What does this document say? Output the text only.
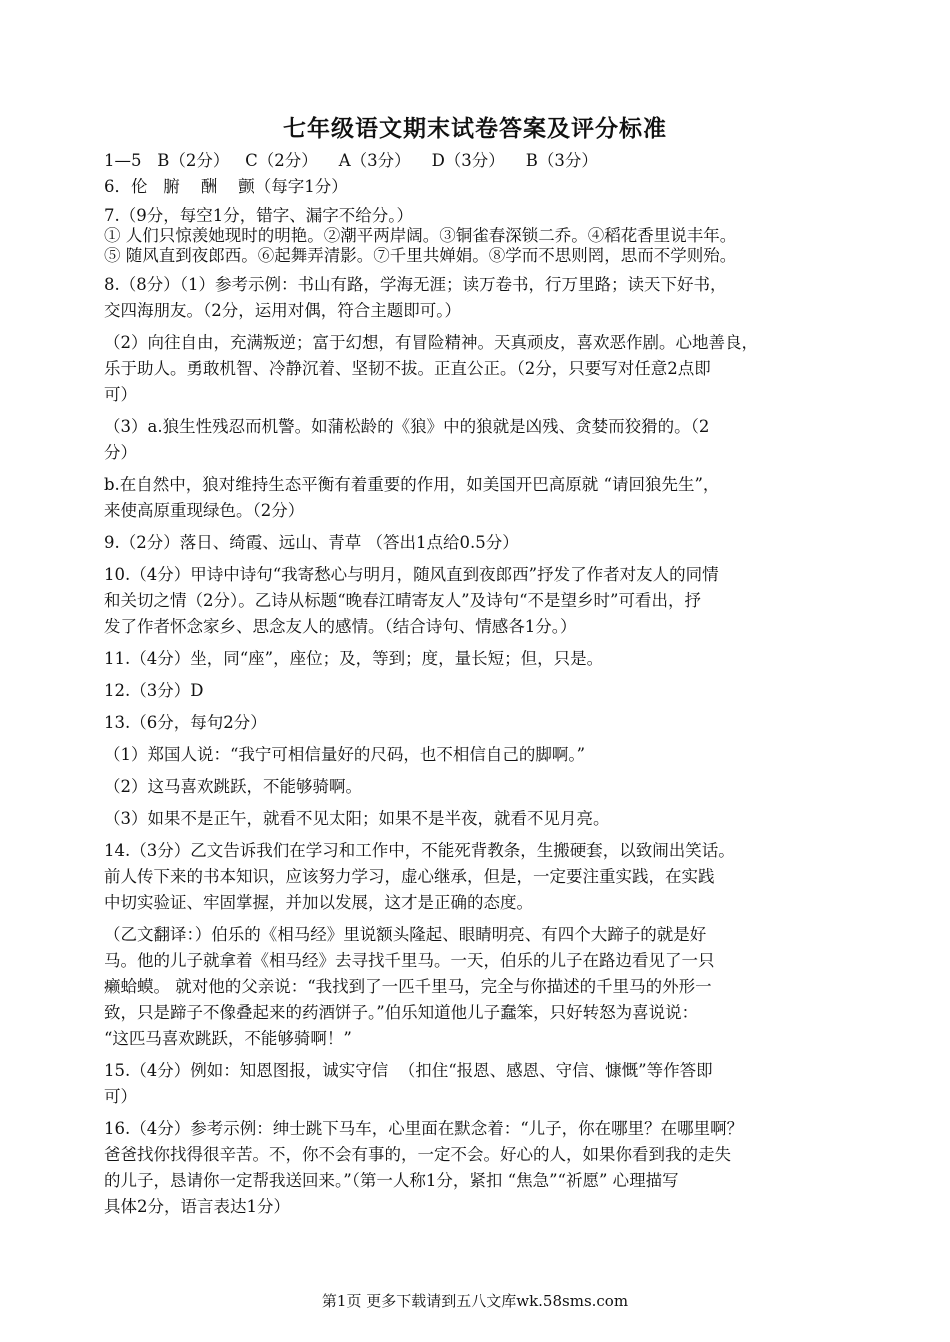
七年级语文期末试卷答案及评分标准
1—5   B（2分）   C（2分）    A（3分）    D（3分）    B（3分）
6．伦   腑    酬    颤（每字1分）
7.（9分，每空1分，错字、漏字不给分。）
① 人们只惊羡她现时的明艳。②潮平两岸阔。③铜雀春深锁二乔。④稻花香里说丰年。
⑤ 随风直到夜郎西。⑥起舞弄清影。⑦千里共婵娟。⑧学而不思则罔，思而不学则殆。
8.（8分）（1）参考示例：书山有路，学海无涯；读万卷书，行万里路；读天下好书，
交四海朋友。（2分，运用对偶，符合主题即可。）
（2）向往自由，充满叛逆；富于幻想，有冒险精神。天真顽皮，喜欢恶作剧。心地善良，
乐于助人。勇敢机智、冷静沉着、坚韧不拔。正直公正。（2分，只要写对任意2点即
可）
（3）a.狼生性残忍而机警。如蒲松龄的《狼》中的狼就是凶残、贪婪而狡猾的。（2
分）
b.在自然中，狼对维持生态平衡有着重要的作用，如美国开巴高原就 “请回狼先生”，
来使高原重现绿色。（2分）
9.（2分）落日、绮霞、远山、青草 （答出1点给0.5分）
10.（4分）甲诗中诗句“我寄愁心与明月，随风直到夜郎西”抒发了作者对友人的同情
和关切之情（2分）。乙诗从标题“晚春江晴寄友人”及诗句“不是望乡时”可看出，抒
发了作者怀念家乡、思念友人的感情。（结合诗句、情感各1分。）
11.（4分）坐，同“座”，座位；及，等到；度，量长短；但，只是。
12.（3分）D
13.（6分，每句2分）
（1）郑国人说：“我宁可相信量好的尺码，也不相信自己的脚啊。”
（2）这马喜欢跳跃，不能够骑啊。
（3）如果不是正午，就看不见太阳；如果不是半夜，就看不见月亮。
14.（3分）乙文告诉我们在学习和工作中，不能死背教条，生搬硬套，以致闹出笑话。
前人传下来的书本知识，应该努力学习，虚心继承，但是，一定要注重实践，在实践
中切实验证、牢固掌握，并加以发展，这才是正确的态度。
（乙文翻译：）伯乐的《相马经》里说额头隆起、眼睛明亮、有四个大蹄子的就是好
马。他的儿子就拿着《相马经》去寻找千里马。一天，伯乐的儿子在路边看见了一只
癞蛤蟆。 就对他的父亲说：“我找到了一匹千里马，完全与你描述的千里马的外形一
致，只是蹄子不像叠起来的药酒饼子。”伯乐知道他儿子蠢笨，只好转怒为喜说说：
“这匹马喜欢跳跃，不能够骑啊！”
15.（4分）例如：知恩图报，诚实守信  （扣住“报恩、感恩、守信、慷慨”等作答即
可）
16.（4分）参考示例：绅士跳下马车，心里面在默念着：“儿子，你在哪里？在哪里啊？
爸爸找你找得很辛苦。不，你不会有事的，一定不会。好心的人，如果你看到我的走失
的儿子，恳请你一定帮我送回来。”（第一人称1分，紧扣 “焦急”“祈愿” 心理描写
具体2分，语言表达1分）
第1页 更多下载请到五八文库wk.58sms.com
